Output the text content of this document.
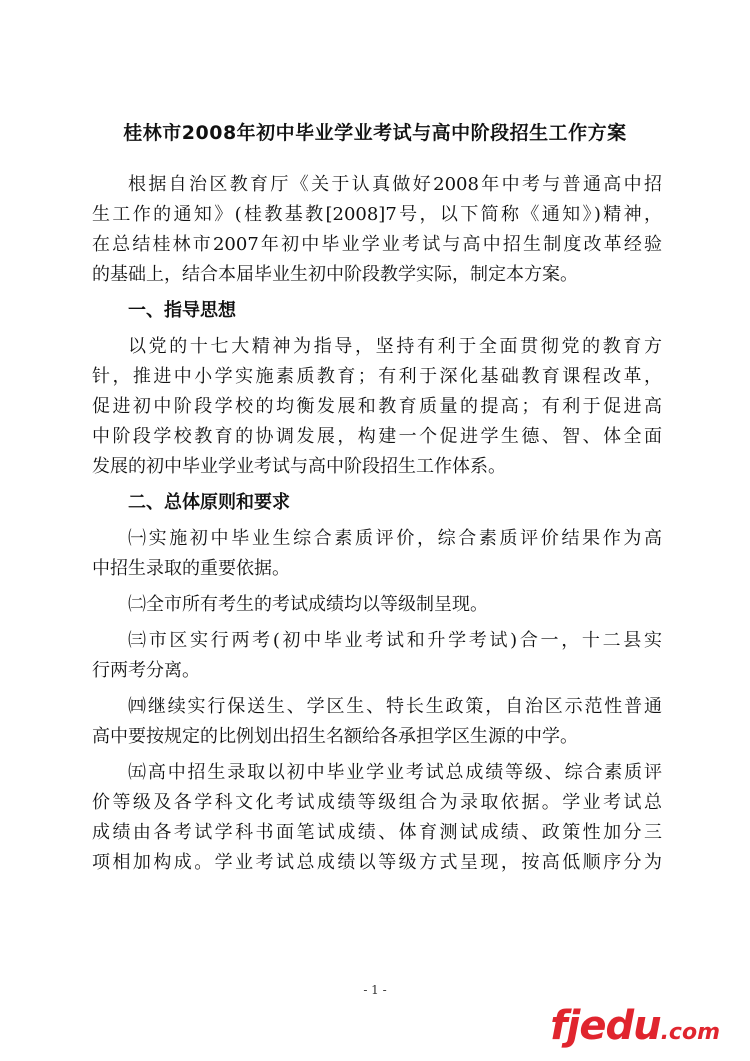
桂林市2008年初中毕业学业考试与高中阶段招生工作方案
根据自治区教育厅《关于认真做好2008年中考与普通高中招
生工作的通知》(桂教基教[2008]7号，以下简称《通知》)精神，
在总结桂林市2007年初中毕业学业考试与高中招生制度改革经验
的基础上，结合本届毕业生初中阶段教学实际，制定本方案。
一、指导思想
以党的十七大精神为指导，坚持有利于全面贯彻党的教育方
针，推进中小学实施素质教育；有利于深化基础教育课程改革，
促进初中阶段学校的均衡发展和教育质量的提高；有利于促进高
中阶段学校教育的协调发展，构建一个促进学生德、智、体全面
发展的初中毕业学业考试与高中阶段招生工作体系。
二、总体原则和要求
㈠实施初中毕业生综合素质评价，综合素质评价结果作为高
中招生录取的重要依据。
㈡全市所有考生的考试成绩均以等级制呈现。
㈢市区实行两考(初中毕业考试和升学考试)合一，十二县实
行两考分离。
㈣继续实行保送生、学区生、特长生政策，自治区示范性普通
高中要按规定的比例划出招生名额给各承担学区生源的中学。
㈤高中招生录取以初中毕业学业考试总成绩等级、综合素质评
价等级及各学科文化考试成绩等级组合为录取依据。学业考试总
成绩由各考试学科书面笔试成绩、体育测试成绩、政策性加分三
项相加构成。学业考试总成绩以等级方式呈现，按高低顺序分为
- 1 -
fjedu.com
